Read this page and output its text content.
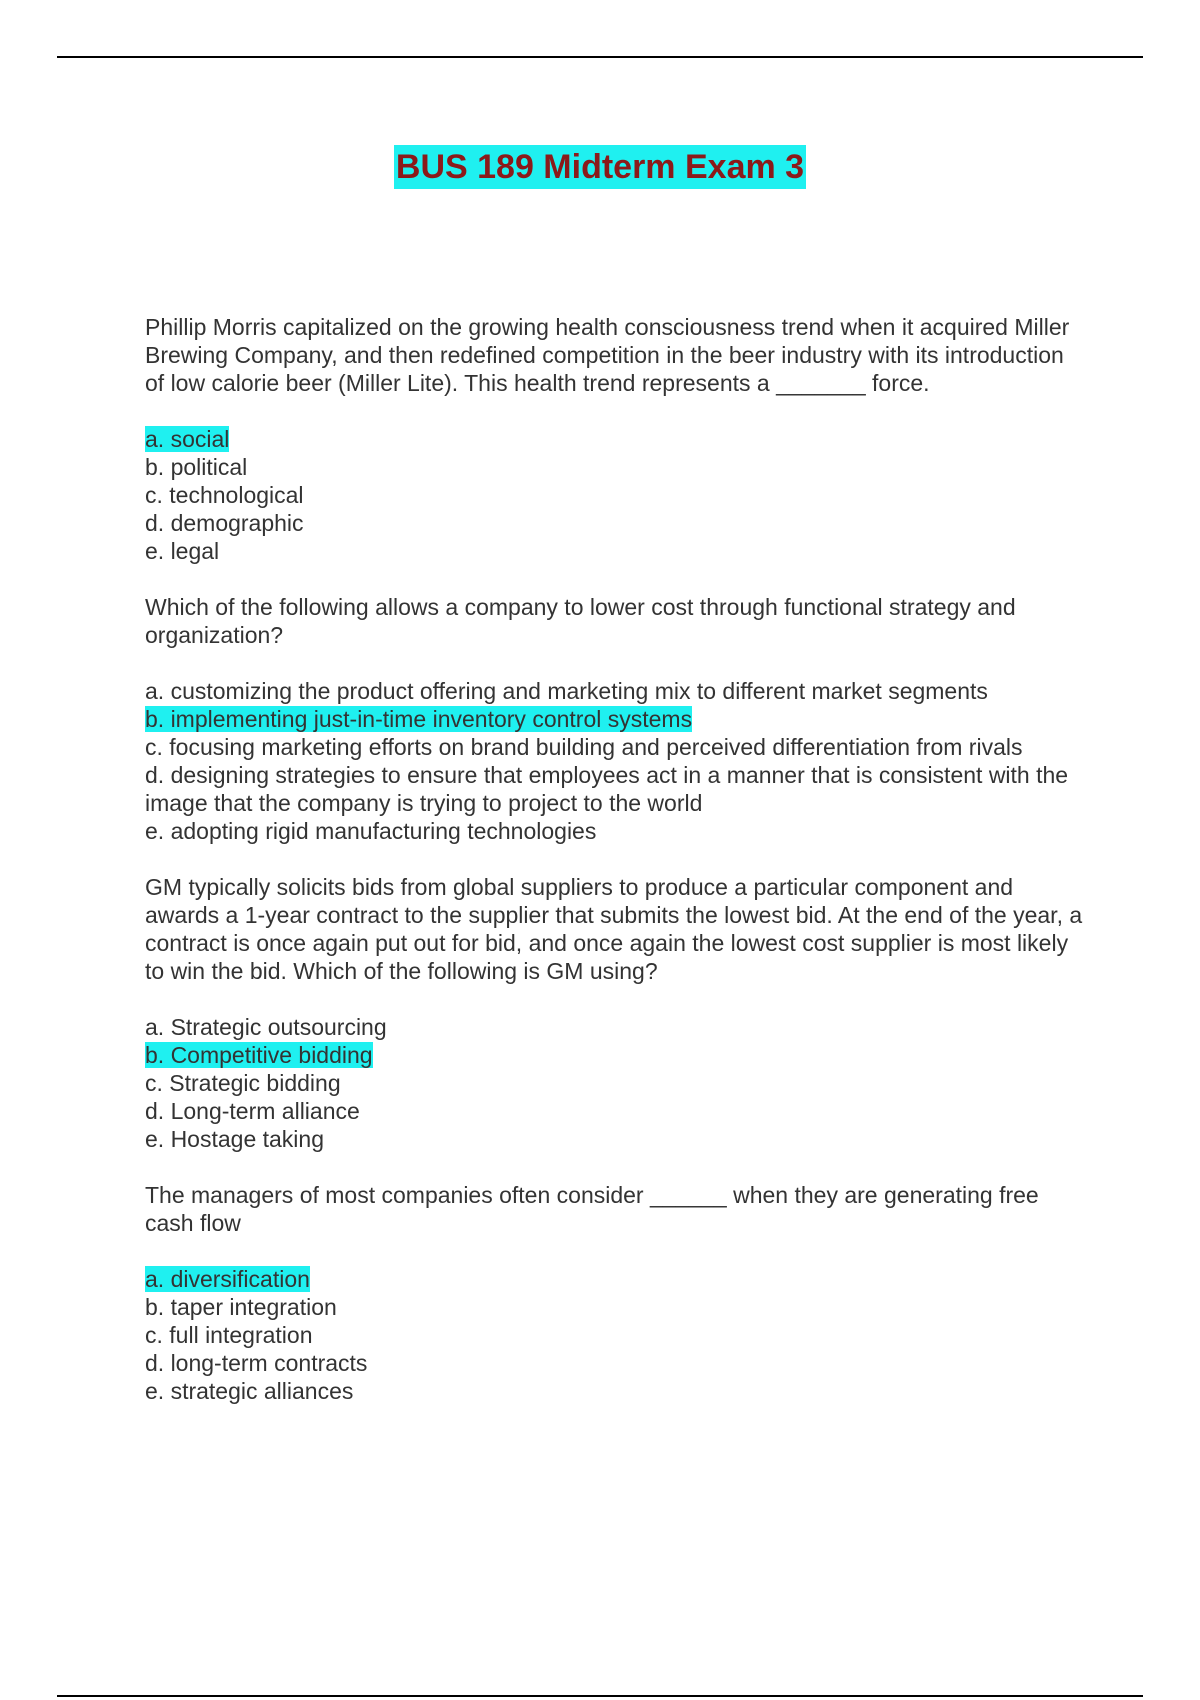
BUS 189 Midterm Exam 3

Phillip Morris capitalized on the growing health consciousness trend when it acquired Miller Brewing Company, and then redefined competition in the beer industry with its introduction of low calorie beer (Miller Lite). This health trend represents a _______ force.

a. social
b. political
c. technological
d. demographic
e. legal

Which of the following allows a company to lower cost through functional strategy and organization?

a. customizing the product offering and marketing mix to different market segments
b. implementing just-in-time inventory control systems
c. focusing marketing efforts on brand building and perceived differentiation from rivals
d. designing strategies to ensure that employees act in a manner that is consistent with the image that the company is trying to project to the world
e. adopting rigid manufacturing technologies

GM typically solicits bids from global suppliers to produce a particular component and awards a 1-year contract to the supplier that submits the lowest bid. At the end of the year, a contract is once again put out for bid, and once again the lowest cost supplier is most likely to win the bid. Which of the following is GM using?

a. Strategic outsourcing
b. Competitive bidding
c. Strategic bidding
d. Long-term alliance
e. Hostage taking

The managers of most companies often consider ______ when they are generating free cash flow

a. diversification
b. taper integration
c. full integration
d. long-term contracts
e. strategic alliances
